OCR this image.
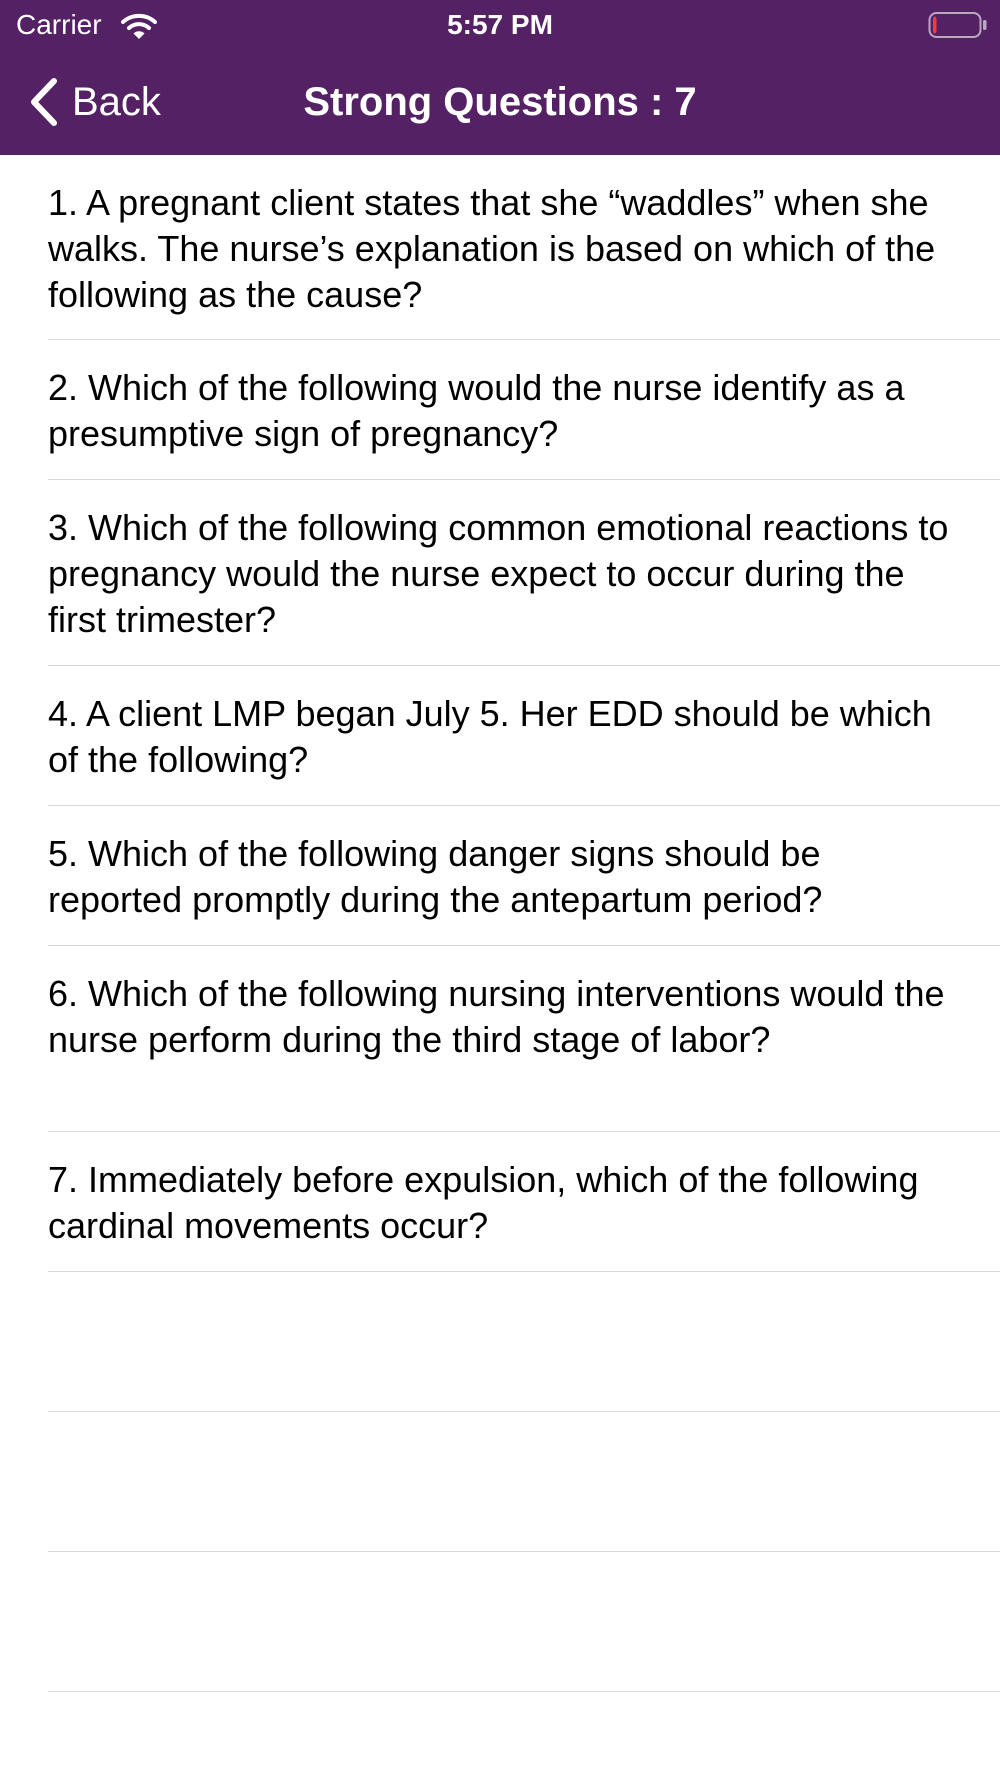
Carrier	5:57 PM
Back	Strong Questions : 7
1. A pregnant client states that she “waddles” when she walks. The nurse’s explanation is based on which of the following as the cause?
2. Which of the following would the nurse identify as a presumptive sign of pregnancy?
3. Which of the following common emotional reactions to pregnancy would the nurse expect to occur during the first trimester?
4. A client LMP began July 5. Her EDD should be which of the following?
5. Which of the following danger signs should be reported promptly during the antepartum period?
6. Which of the following nursing interventions would the nurse perform during the third stage of labor?
7. Immediately before expulsion, which of the following cardinal movements occur?
